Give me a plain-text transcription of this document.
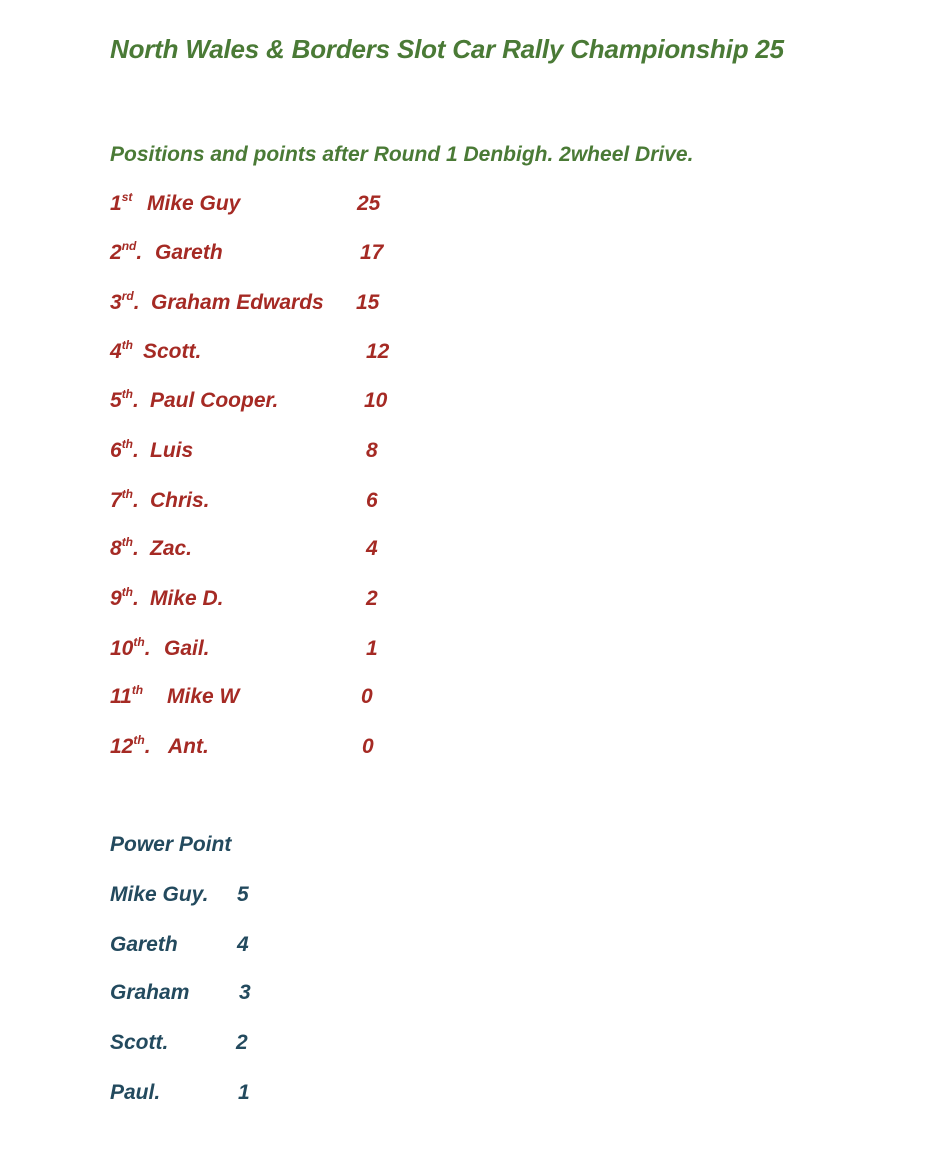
North Wales & Borders Slot Car Rally Championship 25
Positions and points after Round 1 Denbigh. 2wheel Drive.
1st Mike Guy	25
2nd. Gareth	17
3rd. Graham Edwards 15
4th Scott.	12
5th. Paul Cooper.	10
6th. Luis	8
7th. Chris.	6
8th. Zac.	4
9th. Mike D.	2
10th. Gail.	1
11th Mike W	0
12th. Ant.	0
Power Point
Mike Guy. 5
Gareth	4
Graham 3
Scott.	2
Paul.	1
